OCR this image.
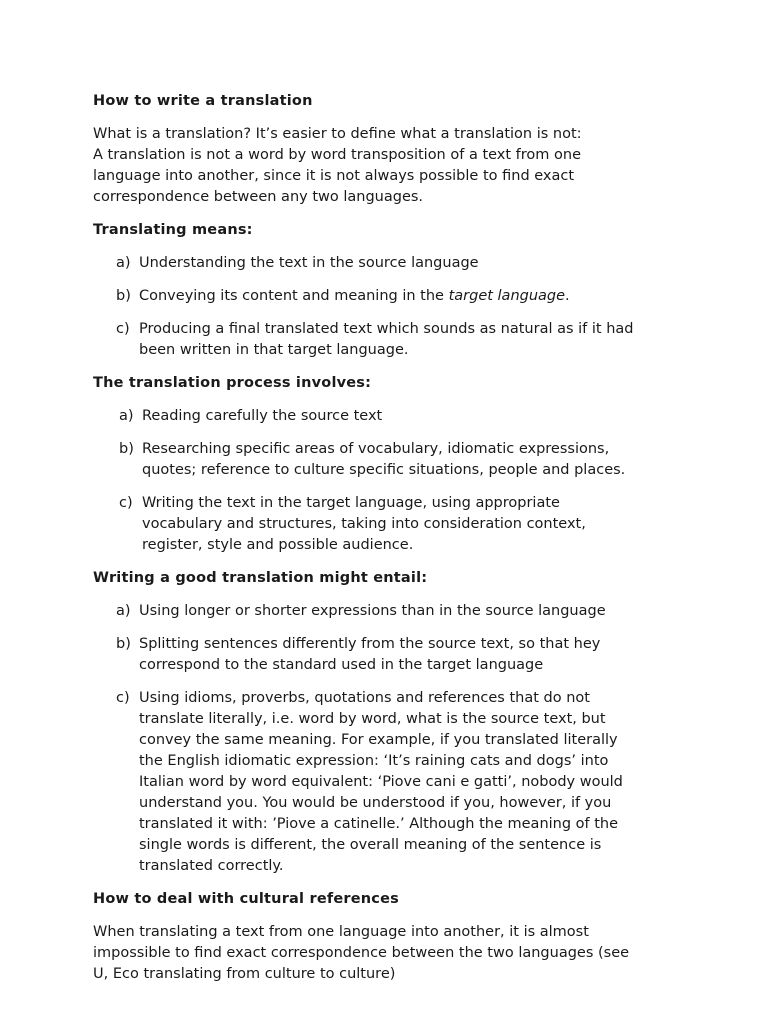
How to write a translation

What is a translation? It’s easier to define what a translation is not:
A translation is not a word by word transposition of a text from one
language into another, since it is not always possible to find exact
correspondence between any two languages.

Translating means:
a) Understanding the text in the source language
b) Conveying its content and meaning in the target language.
c) Producing a final translated text which sounds as natural as if it had
been written in that target language.
The translation process involves:
a) Reading carefully the source text
b) Researching specific areas of vocabulary, idiomatic expressions,
quotes; reference to culture specific situations, people and places.
c) Writing the text in the target language, using appropriate
vocabulary and structures, taking into consideration context,
register, style and possible audience.
Writing a good translation might entail:
a) Using longer or shorter expressions than in the source language
b) Splitting sentences differently from the source text, so that hey
correspond to the standard used in the target language
c) Using idioms, proverbs, quotations and references that do not
translate literally, i.e. word by word, what is the source text, but
convey the same meaning. For example, if you translated literally
the English idiomatic expression: ‘It’s raining cats and dogs’ into
Italian word by word equivalent: ‘Piove cani e gatti’, nobody would
understand you. You would be understood if you, however, if you
translated it with: ’Piove a catinelle.’ Although the meaning of the
single words is different, the overall meaning of the sentence is
translated correctly.
How to deal with cultural references

When translating a text from one language into another, it is almost
impossible to find exact correspondence between the two languages (see
U, Eco translating from culture to culture)
